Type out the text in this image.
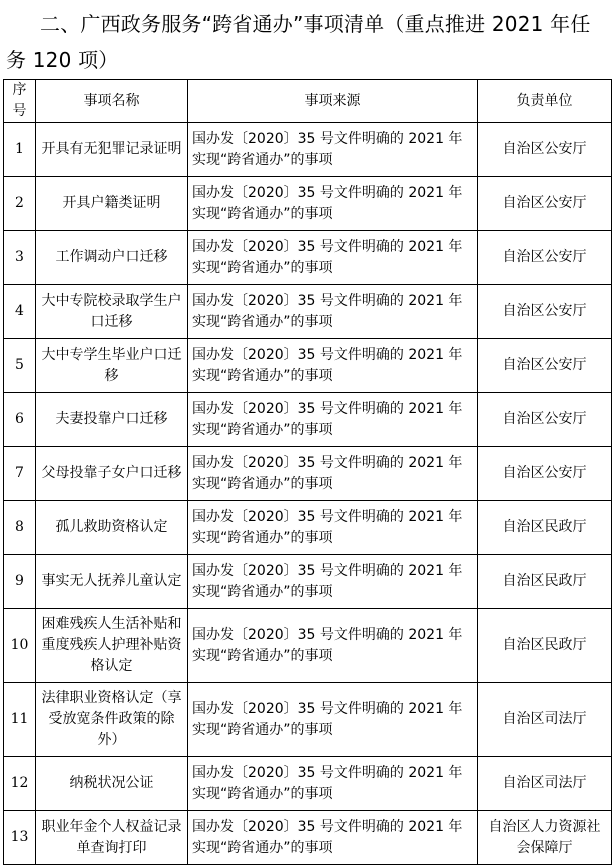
二、广西政务服务“跨省通办”事项清单（重点推进 2021 年任务 120 项）
序号	事项名称	事项来源	负责单位
1	开具有无犯罪记录证明	国办发〔2020〕35 号文件明确的 2021 年实现“跨省通办”的事项	自治区公安厅
2	开具户籍类证明	国办发〔2020〕35 号文件明确的 2021 年实现“跨省通办”的事项	自治区公安厅
3	工作调动户口迁移	国办发〔2020〕35 号文件明确的 2021 年实现“跨省通办”的事项	自治区公安厅
4	大中专院校录取学生户口迁移	国办发〔2020〕35 号文件明确的 2021 年实现“跨省通办”的事项	自治区公安厅
5	大中专学生毕业户口迁移	国办发〔2020〕35 号文件明确的 2021 年实现“跨省通办”的事项	自治区公安厅
6	夫妻投靠户口迁移	国办发〔2020〕35 号文件明确的 2021 年实现“跨省通办”的事项	自治区公安厅
7	父母投靠子女户口迁移	国办发〔2020〕35 号文件明确的 2021 年实现“跨省通办”的事项	自治区公安厅
8	孤儿救助资格认定	国办发〔2020〕35 号文件明确的 2021 年实现“跨省通办”的事项	自治区民政厅
9	事实无人抚养儿童认定	国办发〔2020〕35 号文件明确的 2021 年实现“跨省通办”的事项	自治区民政厅
10	困难残疾人生活补贴和重度残疾人护理补贴资格认定	国办发〔2020〕35 号文件明确的 2021 年实现“跨省通办”的事项	自治区民政厅
11	法律职业资格认定（享受放宽条件政策的除外）	国办发〔2020〕35 号文件明确的 2021 年实现“跨省通办”的事项	自治区司法厅
12	纳税状况公证	国办发〔2020〕35 号文件明确的 2021 年实现“跨省通办”的事项	自治区司法厅
13	职业年金个人权益记录单查询打印	国办发〔2020〕35 号文件明确的 2021 年实现“跨省通办”的事项	自治区人力资源社会保障厅
